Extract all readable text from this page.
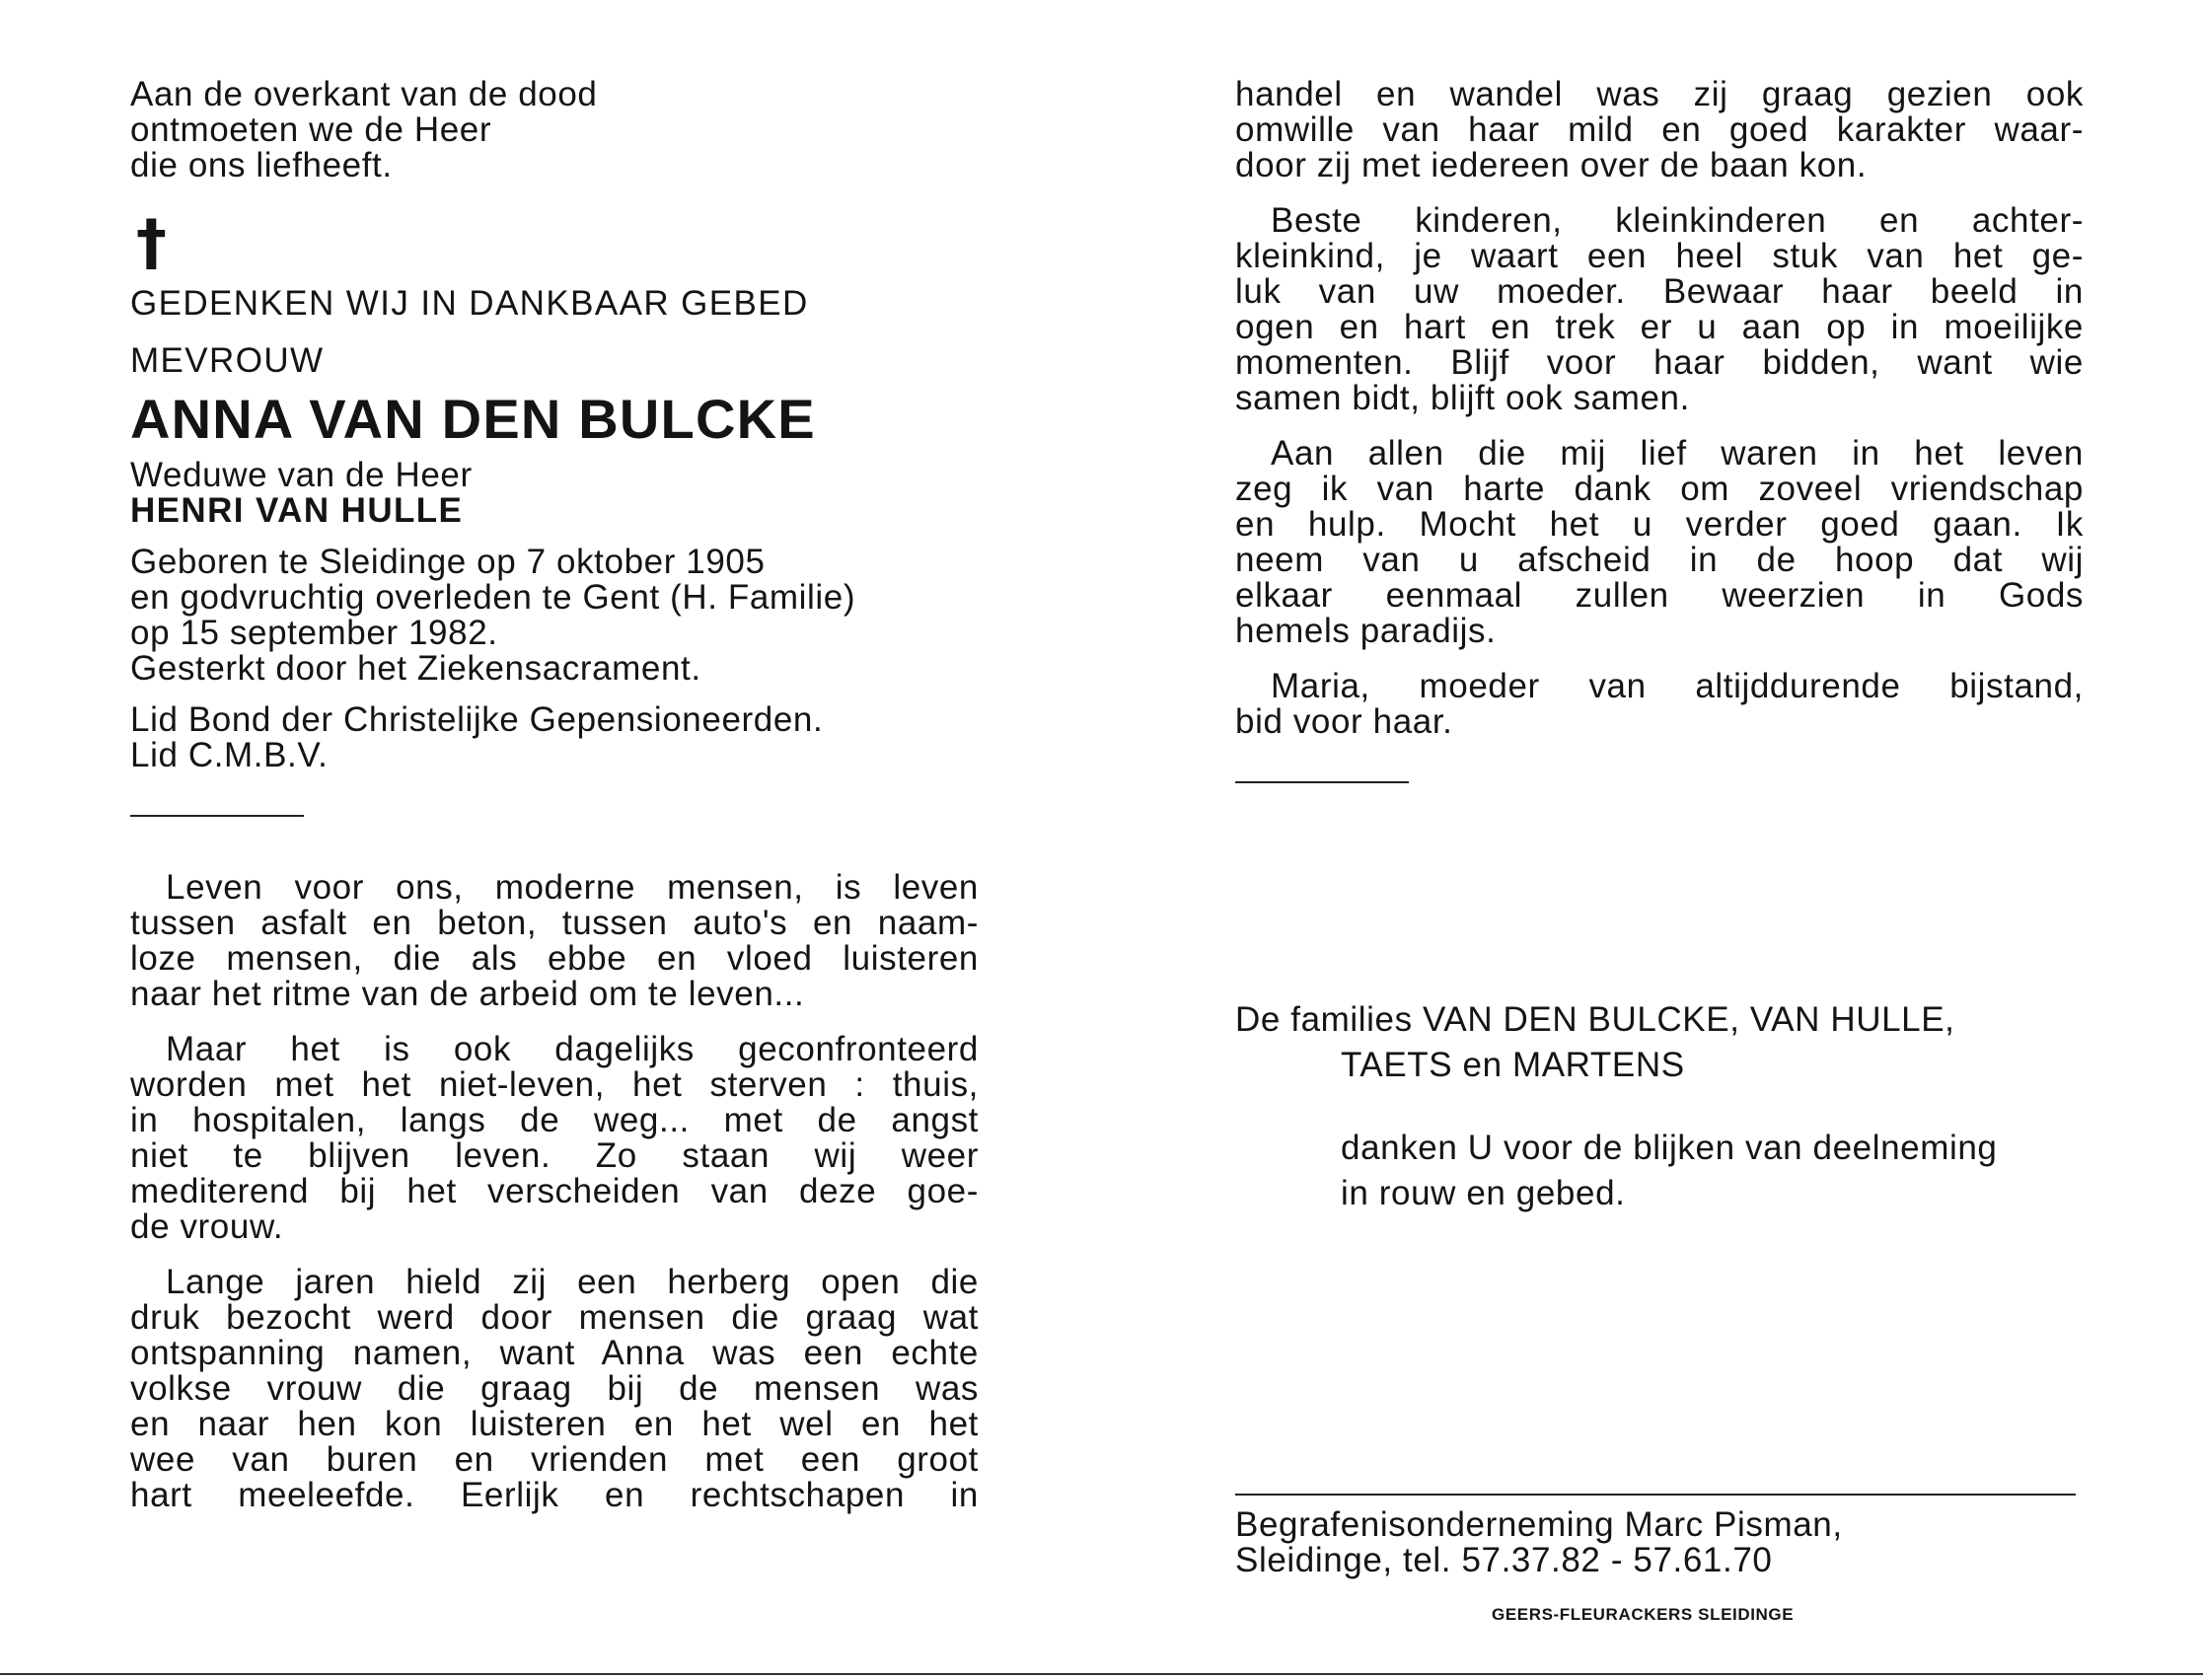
Aan de overkant van de dood
ontmoeten we de Heer
die ons liefheeft.
†
GEDENKEN WIJ IN DANKBAAR GEBED
MEVROUW
ANNA VAN DEN BULCKE
Weduwe van de Heer
HENRI VAN HULLE
Geboren te Sleidinge op 7 oktober 1905
en godvruchtig overleden te Gent (H. Familie)
op 15 september 1982.
Gesterkt door het Ziekensacrament.
Lid Bond der Christelijke Gepensioneerden.
Lid C.M.B.V.
Leven voor ons, moderne mensen, is leven
tussen asfalt en beton, tussen auto's en naam-
loze mensen, die als ebbe en vloed luisteren
naar het ritme van de arbeid om te leven...
Maar het is ook dagelijks geconfronteerd
worden met het niet-leven, het sterven : thuis,
in hospitalen, langs de weg... met de angst
niet te blijven leven. Zo staan wij weer
mediterend bij het verscheiden van deze goe-
de vrouw.
Lange jaren hield zij een herberg open die
druk bezocht werd door mensen die graag wat
ontspanning namen, want Anna was een echte
volkse vrouw die graag bij de mensen was
en naar hen kon luisteren en het wel en het
wee van buren en vrienden met een groot
hart meeleefde. Eerlijk en rechtschapen in
handel en wandel was zij graag gezien ook
omwille van haar mild en goed karakter waar-
door zij met iedereen over de baan kon.
Beste kinderen, kleinkinderen en achter-
kleinkind, je waart een heel stuk van het ge-
luk van uw moeder. Bewaar haar beeld in
ogen en hart en trek er u aan op in moeilijke
momenten. Blijf voor haar bidden, want wie
samen bidt, blijft ook samen.
Aan allen die mij lief waren in het leven
zeg ik van harte dank om zoveel vriendschap
en hulp. Mocht het u verder goed gaan. Ik
neem van u afscheid in de hoop dat wij
elkaar eenmaal zullen weerzien in Gods
hemels paradijs.
Maria, moeder van altijddurende bijstand,
bid voor haar.
De families VAN DEN BULCKE, VAN HULLE,
TAETS en MARTENS
danken U voor de blijken van deelneming
in rouw en gebed.
Begrafenisonderneming Marc Pisman,
Sleidinge, tel. 57.37.82 - 57.61.70
GEERS-FLEURACKERS SLEIDINGE
